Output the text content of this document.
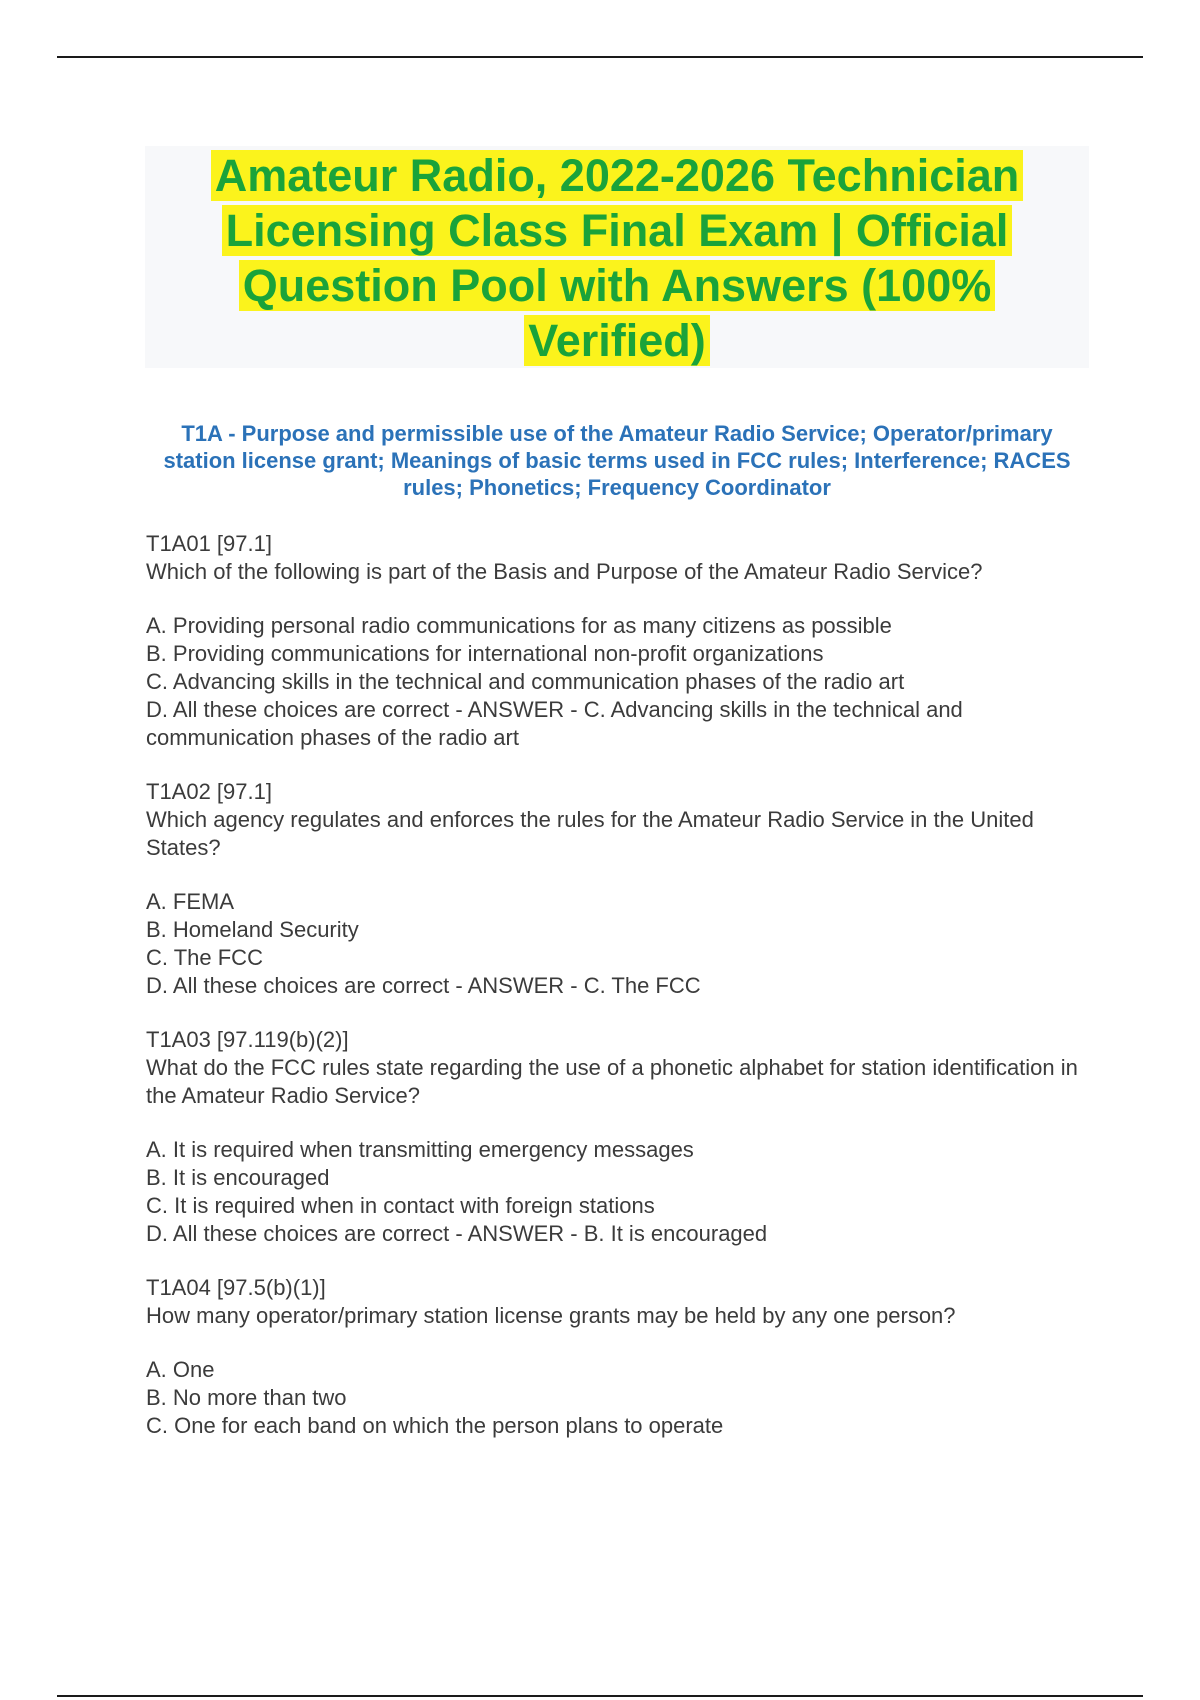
Amateur Radio, 2022-2026 Technician Licensing Class Final Exam | Official Question Pool with Answers (100% Verified)
T1A - Purpose and permissible use of the Amateur Radio Service; Operator/primary station license grant; Meanings of basic terms used in FCC rules; Interference; RACES rules; Phonetics; Frequency Coordinator

T1A01 [97.1]

Which of the following is part of the Basis and Purpose of the Amateur Radio Service?

A. Providing personal radio communications for as many citizens as possible

B. Providing communications for international non-profit organizations

C. Advancing skills in the technical and communication phases of the radio art

D. All these choices are correct - ANSWER - C. Advancing skills in the technical and communication phases of the radio art

T1A02 [97.1]

Which agency regulates and enforces the rules for the Amateur Radio Service in the United States?

A. FEMA

B. Homeland Security

C. The FCC

D. All these choices are correct - ANSWER - C. The FCC

T1A03 [97.119(b)(2)]

What do the FCC rules state regarding the use of a phonetic alphabet for station identification in the Amateur Radio Service?

A. It is required when transmitting emergency messages

B. It is encouraged

C. It is required when in contact with foreign stations

D. All these choices are correct - ANSWER - B. It is encouraged

T1A04 [97.5(b)(1)]

How many operator/primary station license grants may be held by any one person?

A. One

B. No more than two

C. One for each band on which the person plans to operate
